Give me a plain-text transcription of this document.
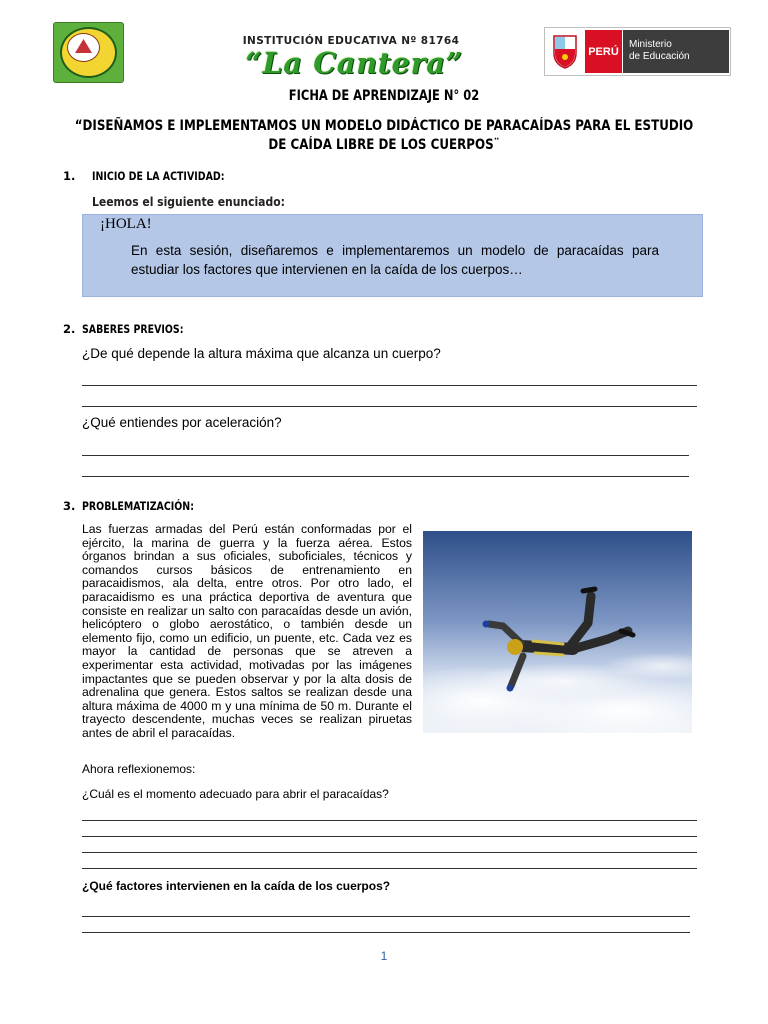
INSTITUCIÓN EDUCATIVA Nº 81764
“La Cantera”	PERÚ
Ministerio
de Educación
FICHA DE APRENDIZAJE N° 02
“DISEÑAMOS E IMPLEMENTAMOS UN MODELO DIDÁCTICO DE PARACAÍDAS PARA EL ESTUDIO
DE CAÍDA LIBRE DE LOS CUERPOS¨
1. INICIO DE LA ACTIVIDAD:
Leemos el siguiente enunciado:
¡HOLA!
En esta sesión, diseñaremos e implementaremos un modelo de paracaídas para estudiar los factores que intervienen en la caída de los cuerpos…
2. SABERES PREVIOS:
¿De qué depende la altura máxima que alcanza un cuerpo?
¿Qué entiendes por aceleración?
3. PROBLEMATIZACIÓN:
Las fuerzas armadas del Perú están conformadas por el ejército, la marina de guerra y la fuerza aérea. Estos órganos brindan a sus oficiales, suboficiales, técnicos y comandos cursos básicos de entrenamiento en paracaidismos, ala delta, entre otros. Por otro lado, el paracaidismo es una práctica deportiva de aventura que consiste en realizar un salto con paracaídas desde un avión, helicóptero o globo aerostático, o también desde un elemento fijo, como un edificio, un puente, etc. Cada vez es mayor la cantidad de personas que se atreven a experimentar esta actividad, motivadas por las imágenes impactantes que se pueden observar y por la alta dosis de adrenalina que genera. Estos saltos se realizan desde una altura máxima de 4000 m y una mínima de 50 m. Durante el trayecto descendente, muchas veces se realizan piruetas antes de abril el paracaídas.
Ahora reflexionemos:
¿Cuál es el momento adecuado para abrir el paracaídas?
¿Qué factores intervienen en la caída de los cuerpos?
1
